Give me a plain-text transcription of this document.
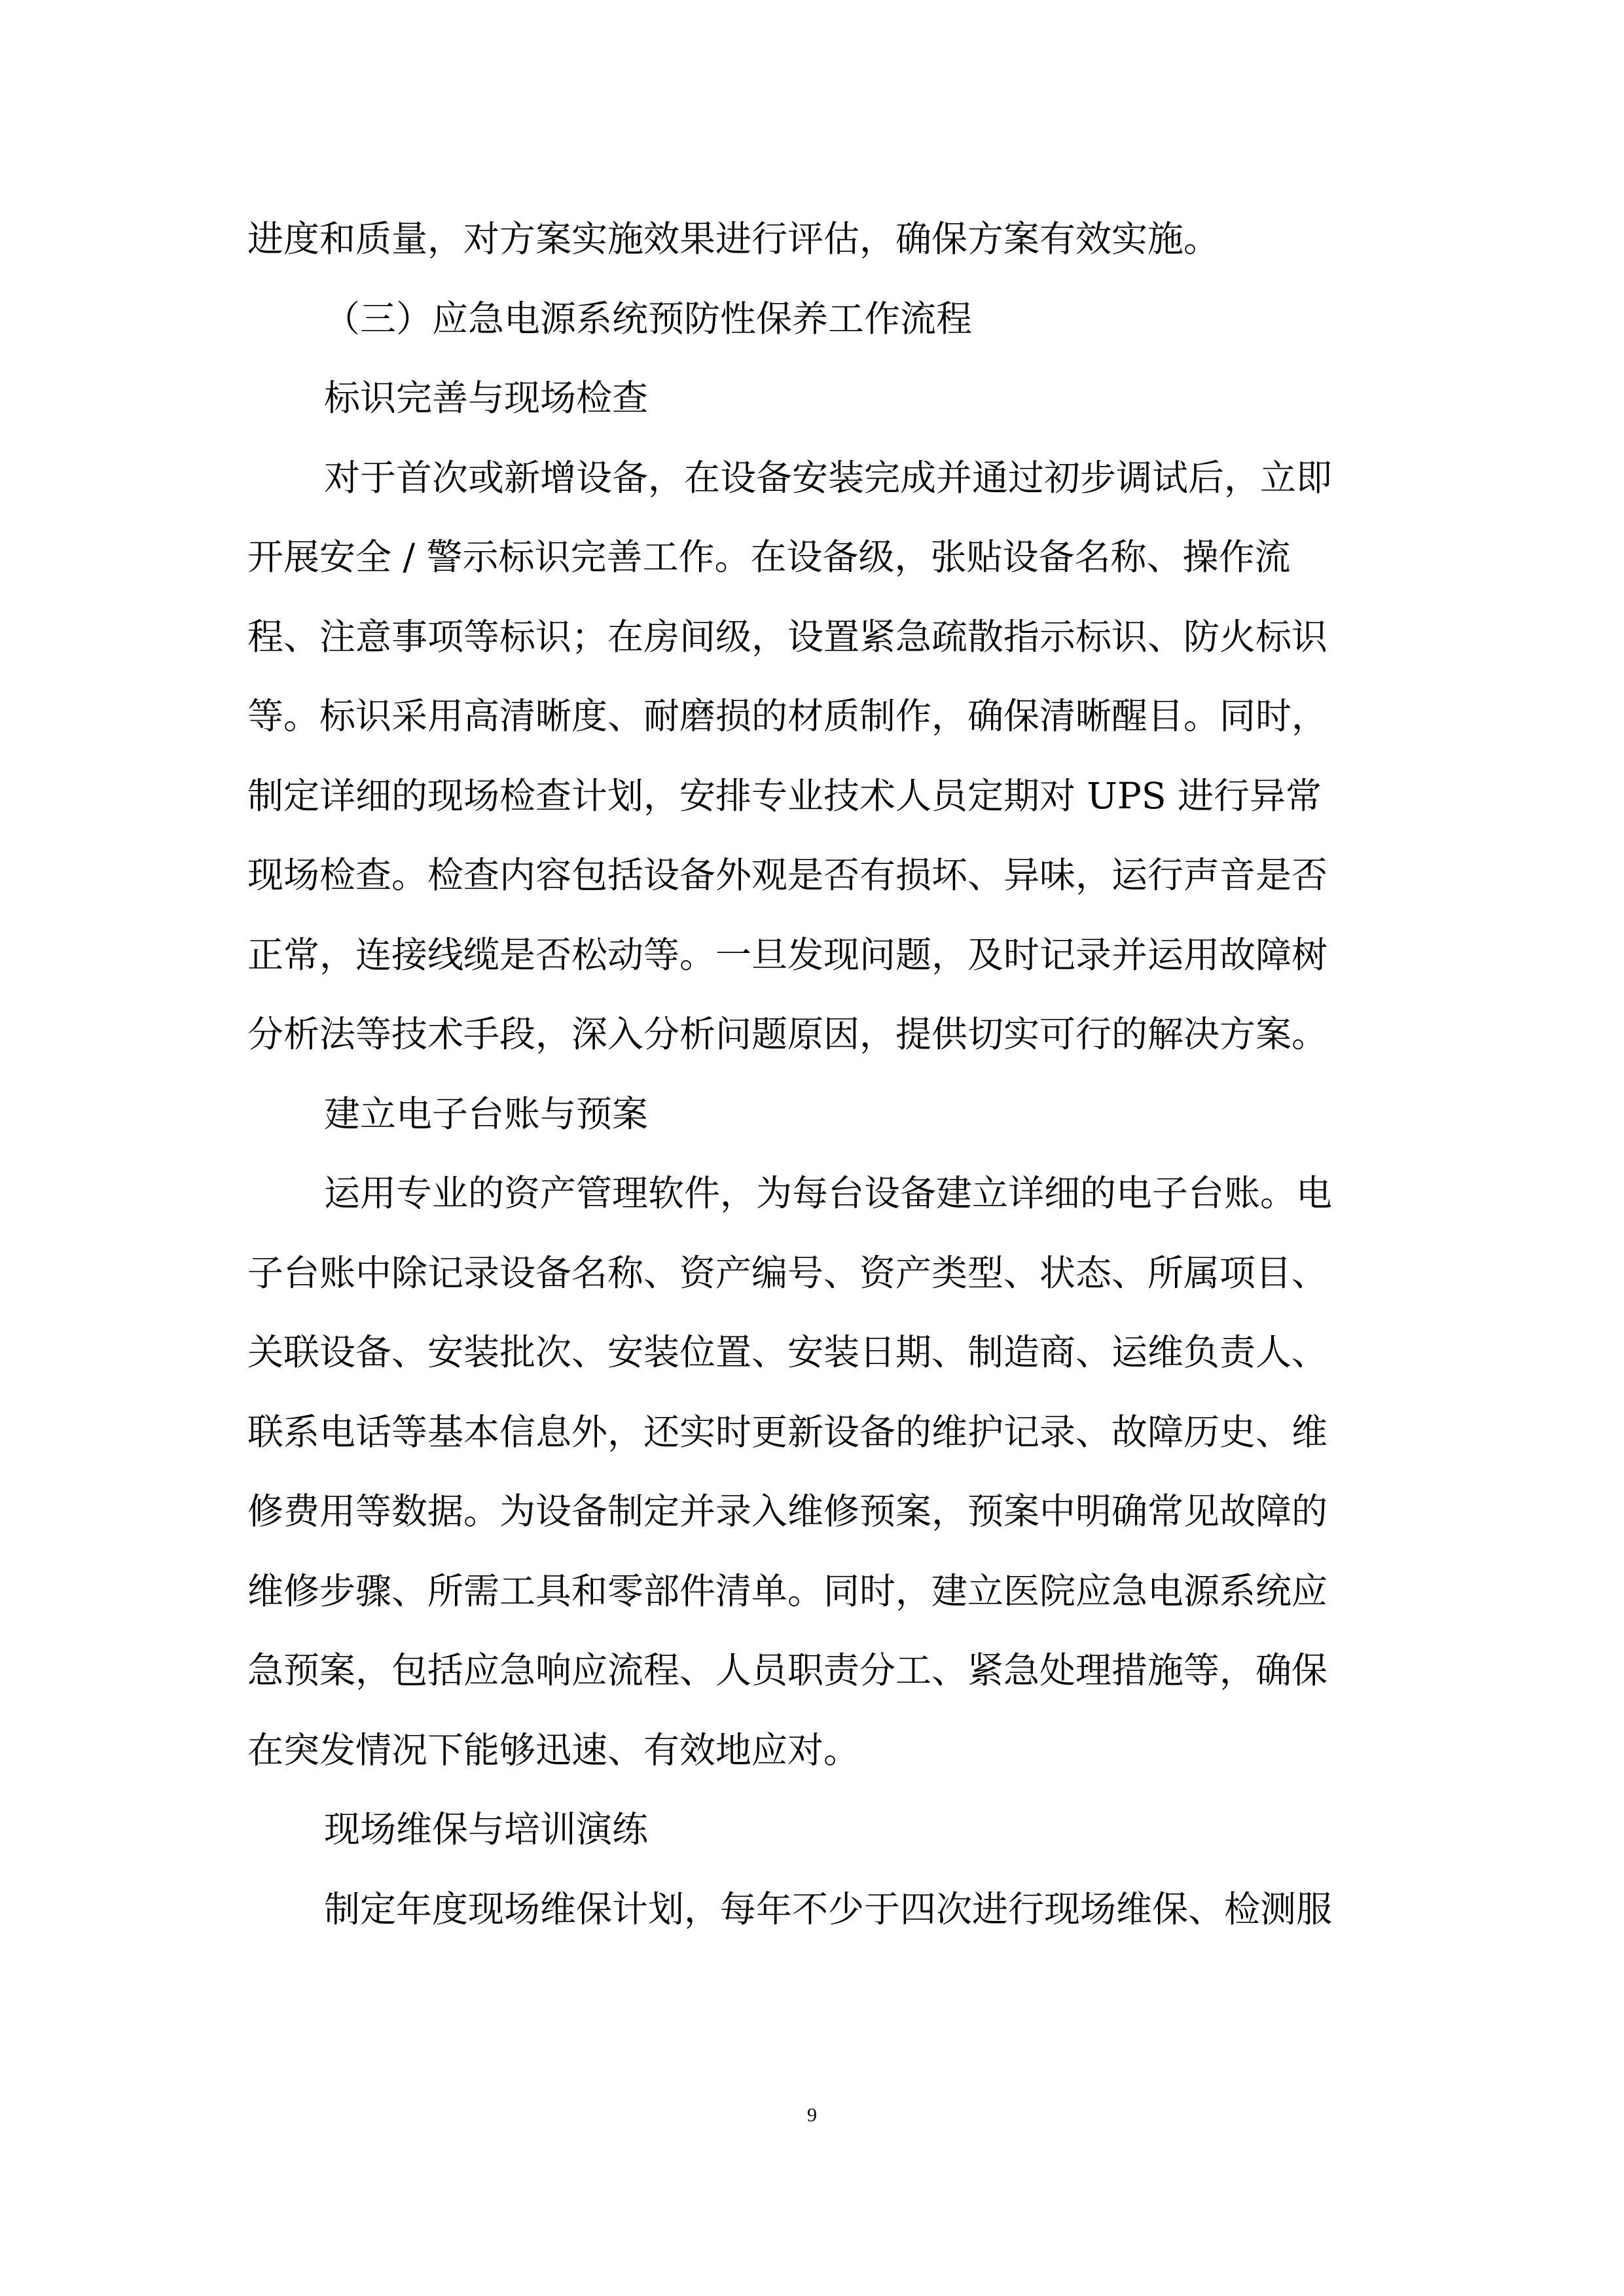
进度和质量，对方案实施效果进行评估，确保方案有效实施。
（三）应急电源系统预防性保养工作流程
标识完善与现场检查
对于首次或新增设备，在设备安装完成并通过初步调试后，立即
开展安全 / 警示标识完善工作。在设备级，张贴设备名称、操作流
程、注意事项等标识；在房间级，设置紧急疏散指示标识、防火标识
等。标识采用高清晰度、耐磨损的材质制作，确保清晰醒目。同时，
制定详细的现场检查计划，安排专业技术人员定期对 UPS 进行异常
现场检查。检查内容包括设备外观是否有损坏、异味，运行声音是否
正常，连接线缆是否松动等。一旦发现问题，及时记录并运用故障树
分析法等技术手段，深入分析问题原因，提供切实可行的解决方案。
建立电子台账与预案
运用专业的资产管理软件，为每台设备建立详细的电子台账。电
子台账中除记录设备名称、资产编号、资产类型、状态、所属项目、
关联设备、安装批次、安装位置、安装日期、制造商、运维负责人、
联系电话等基本信息外，还实时更新设备的维护记录、故障历史、维
修费用等数据。为设备制定并录入维修预案，预案中明确常见故障的
维修步骤、所需工具和零部件清单。同时，建立医院应急电源系统应
急预案，包括应急响应流程、人员职责分工、紧急处理措施等，确保
在突发情况下能够迅速、有效地应对。
现场维保与培训演练
制定年度现场维保计划，每年不少于四次进行现场维保、检测服
9
